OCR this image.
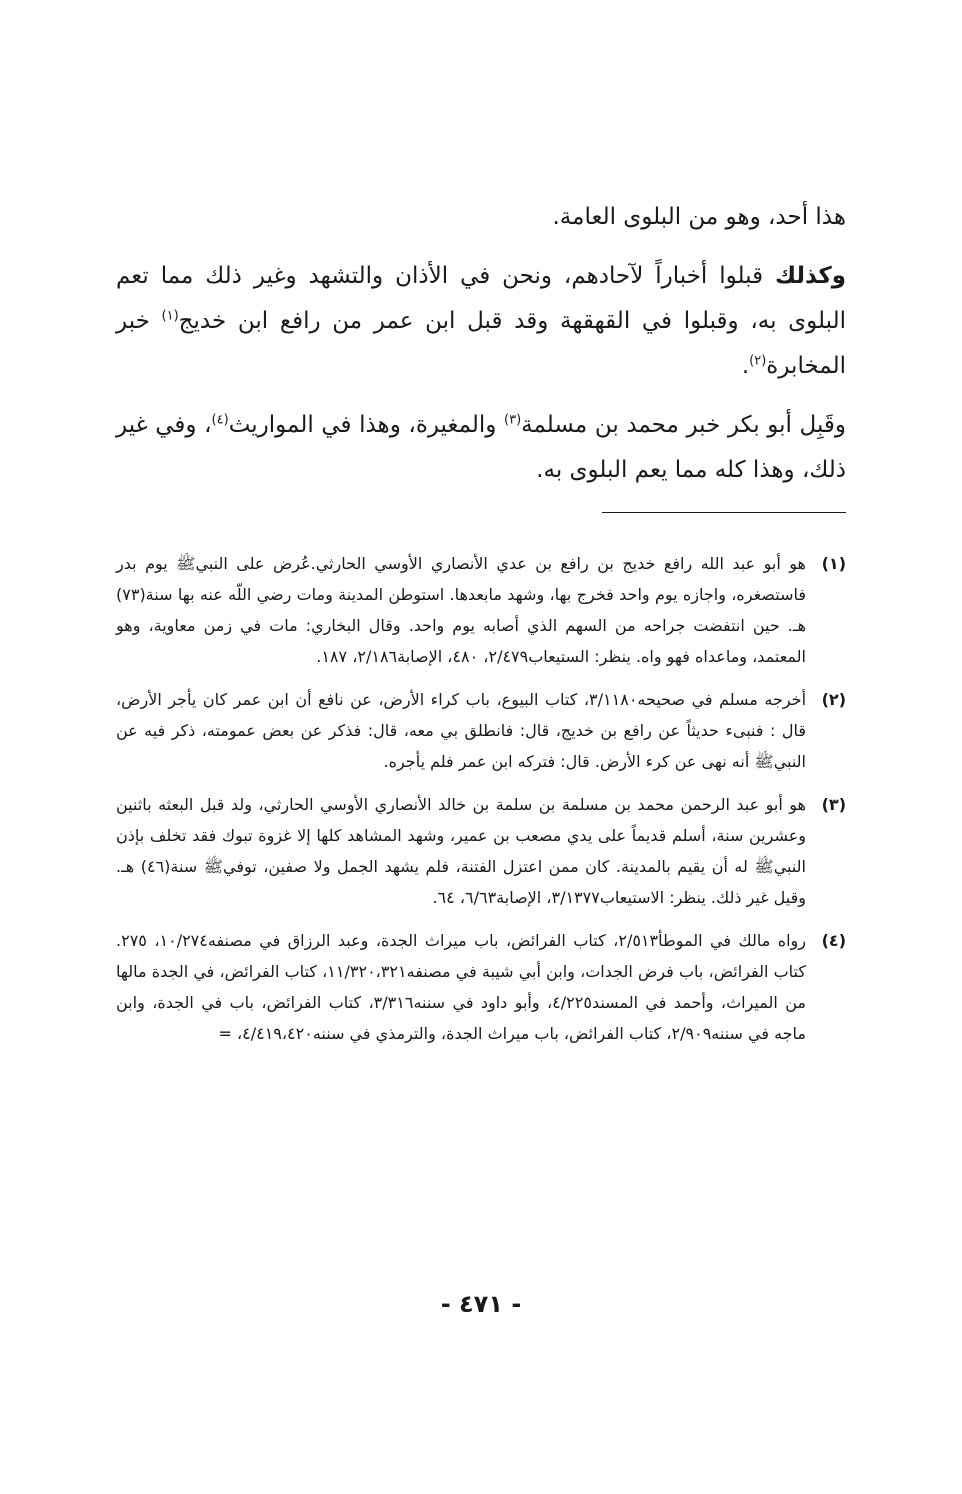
هذا أحد، وهو من البلوى العامة.

وكذلك قبلوا أخباراً لآحادهم، ونحن في الأذان والتشهد وغير ذلك مما تعم البلوى به، وقبلوا في القهقهة وقد قبل ابن عمر من رافع ابن خديج$^{(١)}$ خبر المخابرة$^{(٢)}$.

وقَبِل أبو بكر خبر محمد بن مسلمة$^{(٣)}$ والمغيرة، وهذا في المواريث$^{(٤)}$، وفي غير ذلك، وهذا كله مما يعم البلوى به.

(١)
هو أبو عبد الله رافع خديج بن رافع بن عدي الأنصاري الأوسي الحارثي.عُرض على النبيﷺ يوم بدر فاستصغره، واجازه يوم واحد فخرج بها، وشهد مابعدها. استوطن المدينة ومات رضي اللّه عنه بها سنة(٧٣) هـ. حين انتفضت جراحه من السهم الذي أصابه يوم واحد. وقال البخاري: مات في زمن معاوية، وهو المعتمد، وماعداه فهو واه. ينظر: الستيعاب٢/٤٧٩، ٤٨٠، الإصابة٢/١٨٦، ١٨٧.
(٢)
أخرجه مسلم في صحيحه٣/١١٨٠، كتاب البيوع، باب كراء الأرض، عن نافع أن ابن عمر كان يأجر الأرض، قال : فنبىء حديثاً عن رافع بن خديج، قال: فانطلق بي معه، قال: فذكر عن بعض عمومته، ذكر فيه عن النبيﷺ أنه نهى عن كرء الأرض. قال: فتركه ابن عمر فلم يأجره.
(٣)
هو أبو عبد الرحمن محمد بن مسلمة بن سلمة بن خالد الأنصاري الأوسي الحارثي، ولد قبل البعثه باثنين وعشرين سنة، أسلم قديماً على يدي مصعب بن عمير، وشهد المشاهد كلها إلا غزوة تبوك فقد تخلف بإذن النبيﷺ له أن يقيم بالمدينة. كان ممن اعتزل الفتنة، فلم يشهد الجمل ولا صفين، توفيﷺ سنة(٤٦) هـ. وقيل غير ذلك. ينظر: الاستيعاب٣/١٣٧٧، الإصابة٦/٦٣، ٦٤.
(٤)
رواه مالك في الموطأ٢/٥١٣، كتاب الفرائض، باب ميراث الجدة، وعبد الرزاق في مصنفه١٠/٢٧٤، ٢٧٥. كتاب الفرائض، باب فرض الجدات، وابن أبي شيبة في مصنفه١١/٣٢٠،٣٢١، كتاب الفرائض، في الجدة مالها من الميراث، وأحمد في المسند٤/٢٢٥، وأبو داود في سننه٣/٣١٦، كتاب الفرائض، باب في الجدة، وابن ماجه في سننه٢/٩٠٩، كتاب الفرائض، باب ميراث الجدة، والترمذي في سننه٤/٤١٩،٤٢٠، =
- ٤٧١ -
